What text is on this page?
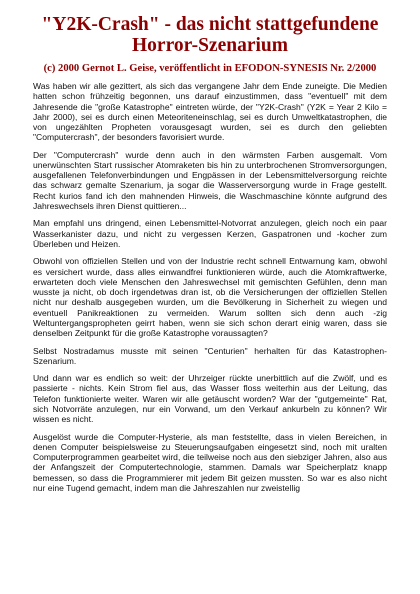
"Y2K-Crash" - das nicht stattgefundene
Horror-Szenarium
(c) 2000 Gernot L. Geise, veröffentlicht in EFODON-SYNESIS Nr. 2/2000

Was haben wir alle gezittert, als sich das vergangene Jahr dem Ende zuneigte. Die Medien hatten schon frühzeitig begonnen, uns darauf einzustimmen, dass "eventuell" mit dem Jahresende die "große Katastrophe" eintreten würde, der "Y2K-Crash" (Y2K = Year 2 Kilo = Jahr 2000), sei es durch einen Meteoriteneinschlag, sei es durch Umweltkatastrophen, die von ungezählten Propheten vorausgesagt wurden, sei es durch den geliebten "Computercrash", der besonders favorisiert wurde.

Der "Computercrash" wurde denn auch in den wärmsten Farben ausgemalt. Vom unerwünschten Start russischer Atomraketen bis hin zu unterbrochenen Stromversorgungen, ausgefallenen Telefonverbindungen und Engpässen in der Lebensmittelversorgung reichte das schwarz gemalte Szenarium, ja sogar die Wasserversorgung wurde in Frage gestellt. Recht kurios fand ich den mahnenden Hinweis, die Waschmaschine könnte aufgrund des Jahreswechsels ihren Dienst quittieren...

Man empfahl uns dringend, einen Lebensmittel-Notvorrat anzulegen, gleich noch ein paar Wasserkanister dazu, und nicht zu vergessen Kerzen, Gaspatronen und -kocher zum Überleben und Heizen.

Obwohl von offiziellen Stellen und von der Industrie recht schnell Entwarnung kam, obwohl es versichert wurde, dass alles einwandfrei funktionieren würde, auch die Atomkraftwerke, erwarteten doch viele Menschen den Jahreswechsel mit gemischten Gefühlen, denn man wusste ja nicht, ob doch irgendetwas dran ist, ob die Versicherungen der offiziellen Stellen nicht nur deshalb ausgegeben wurden, um die Bevölkerung in Sicherheit zu wiegen und eventuell Panikreaktionen zu vermeiden. Warum sollten sich denn auch -zig Weltuntergangspropheten geirrt haben, wenn sie sich schon derart einig waren, dass sie denselben Zeitpunkt für die große Katastrophe voraussagten?

Selbst Nostradamus musste mit seinen "Centurien" herhalten für das Katastrophen-Szenarium.

Und dann war es endlich so weit: der Uhrzeiger rückte unerbittlich auf die Zwölf, und es passierte - nichts. Kein Strom fiel aus, das Wasser floss weiterhin aus der Leitung, das Telefon funktionierte weiter. Waren wir alle getäuscht worden? War der "gutgemeinte" Rat, sich Notvorräte anzulegen, nur ein Vorwand, um den Verkauf ankurbeln zu können? Wir wissen es nicht.

Ausgelöst wurde die Computer-Hysterie, als man feststellte, dass in vielen Bereichen, in denen Computer beispielsweise zu Steuerungsaufgaben eingesetzt sind, noch mit uralten Computerprogrammen gearbeitet wird, die teilweise noch aus den siebziger Jahren, also aus der Anfangszeit der Computertechnologie, stammen. Damals war Speicherplatz knapp bemessen, so dass die Programmierer mit jedem Bit geizen mussten. So war es also nicht nur eine Tugend gemacht, indem man die Jahreszahlen nur zweistellig
